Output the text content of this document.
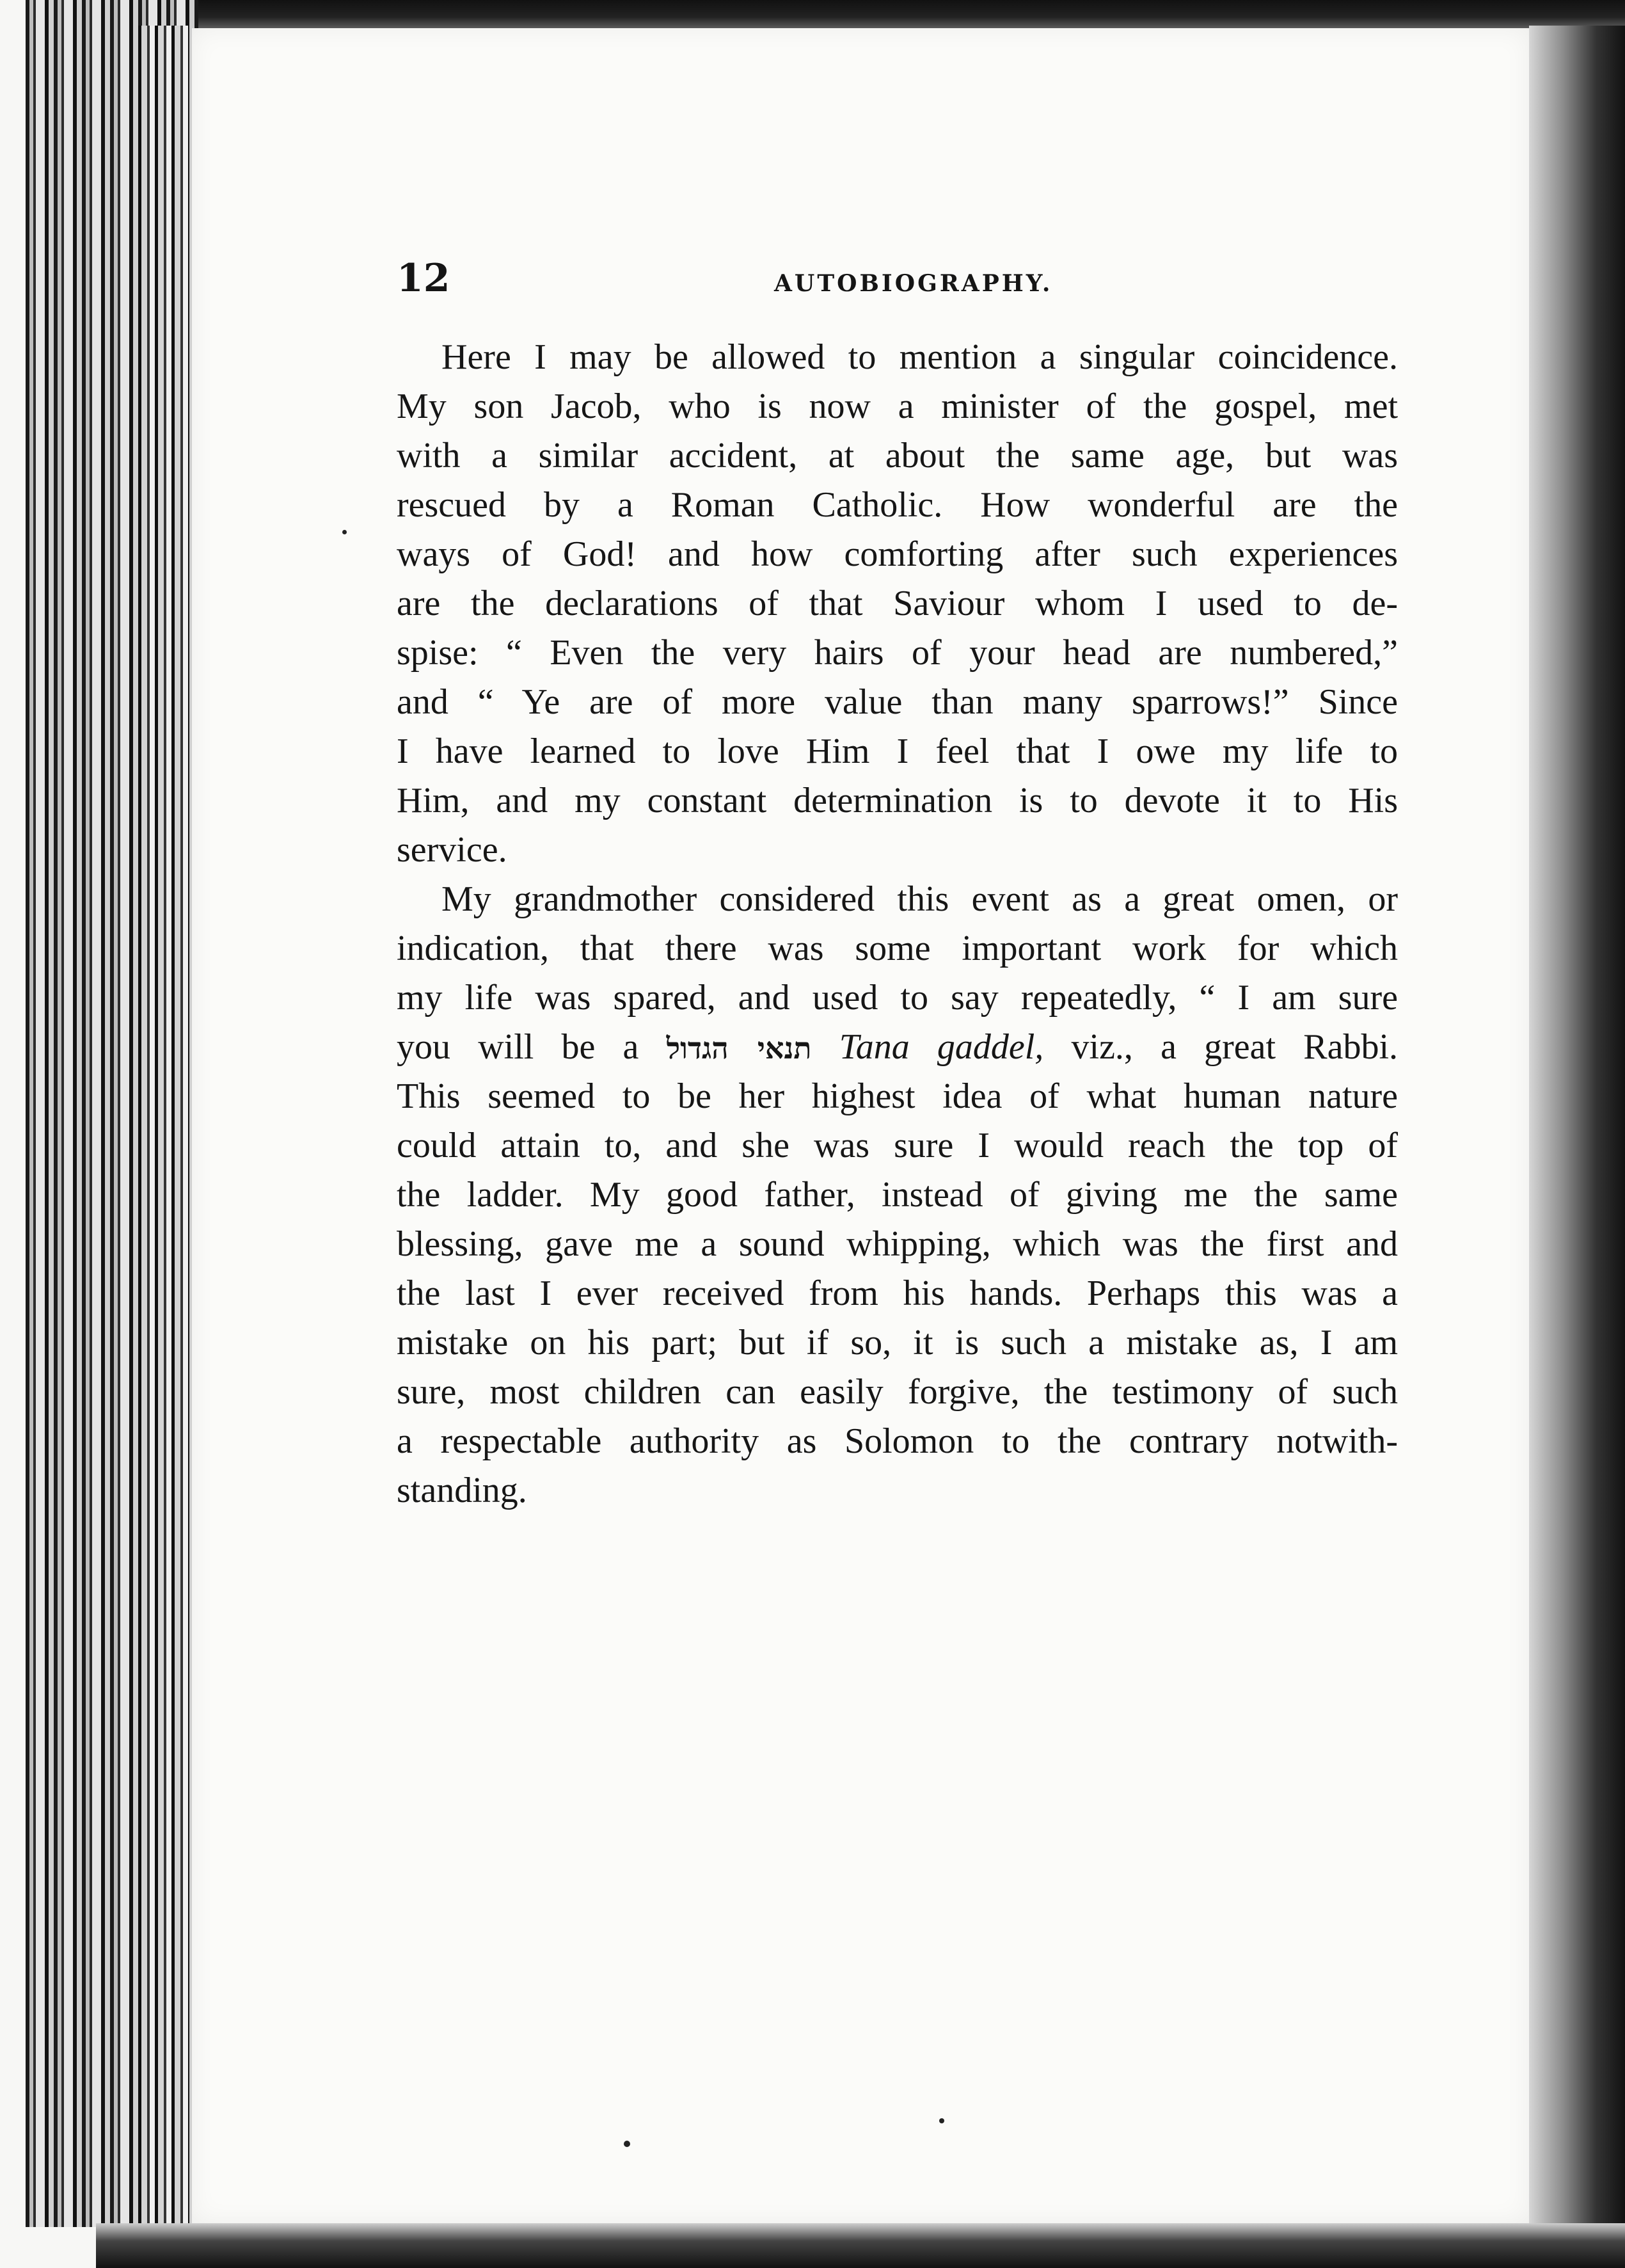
12	AUTOBIOGRAPHY.
Here I may be allowed to mention a singular coincidence.
My son Jacob, who is now a minister of the gospel, met
with a similar accident, at about the same age, but was
rescued by a Roman Catholic. How wonderful are the
ways of God! and how comforting after such experiences
are the declarations of that Saviour whom I used to de-
spise: “ Even the very hairs of your head are numbered,”
and “ Ye are of more value than many sparrows!” Since
I have learned to love Him I feel that I owe my life to
Him, and my constant determination is to devote it to His
service.
My grandmother considered this event as a great omen, or
indication, that there was some important work for which
my life was spared, and used to say repeatedly, “ I am sure
you will be a תנאי הגדול Tana gaddel, viz., a great Rabbi.
This seemed to be her highest idea of what human nature
could attain to, and she was sure I would reach the top of
the ladder. My good father, instead of giving me the same
blessing, gave me a sound whipping, which was the first and
the last I ever received from his hands. Perhaps this was a
mistake on his part; but if so, it is such a mistake as, I am
sure, most children can easily forgive, the testimony of such
a respectable authority as Solomon to the contrary notwith-
standing.
